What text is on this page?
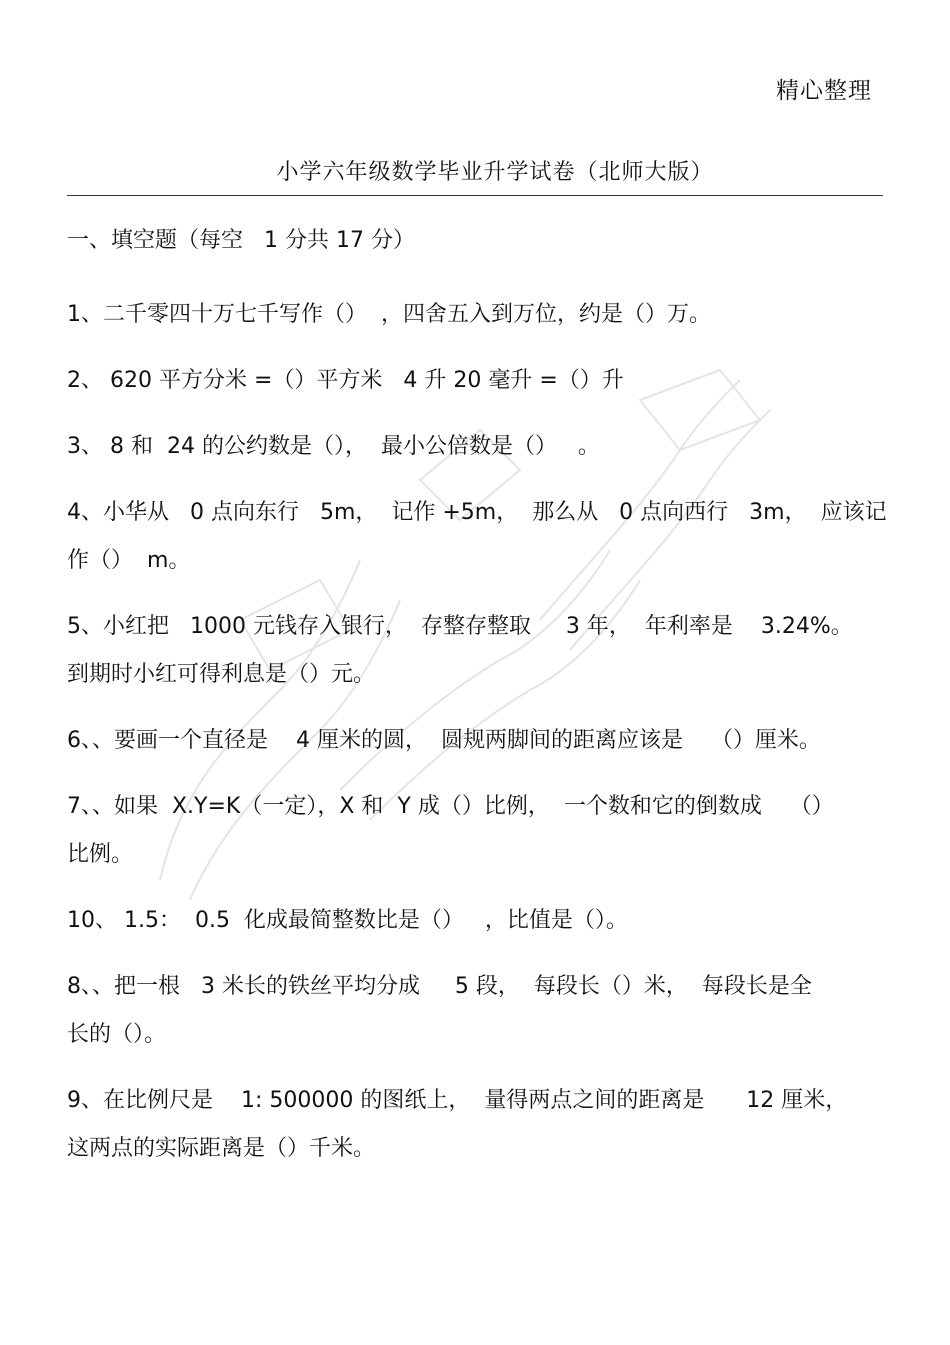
精心整理
小学六年级数学毕业升学试卷（北师大版）
一、填空题（每空   1 分共 17 分）
1、二千零四十万七千写作（）  ，四舍五入到万位，约是（）万。
2、 620 平方分米 =（）平方米   4 升 20 毫升 =（）升
3、 8 和  24 的公约数是（），  最小公倍数是（）   。
4、小华从   0 点向东行   5m，  记作 +5m，  那么从   0 点向西行   3m，  应该记
作（）  m。
5、小红把   1000 元钱存入银行，  存整存整取     3 年，  年利率是    3.24%。
到期时小红可得利息是（）元。
6、、要画一个直径是    4 厘米的圆，  圆规两脚间的距离应该是    （）厘米。
7、、如果  X.Y=K（一定），X 和  Y 成（）比例，  一个数和它的倒数成    （）
比例。
10、 1.5：  0.5  化成最简整数比是（）   ，比值是（）。
8、、把一根   3 米长的铁丝平均分成     5 段，  每段长（）米，  每段长是全
长的（）。
9、在比例尺是    1: 500000 的图纸上，  量得两点之间的距离是      12 厘米，
这两点的实际距离是（）千米。
